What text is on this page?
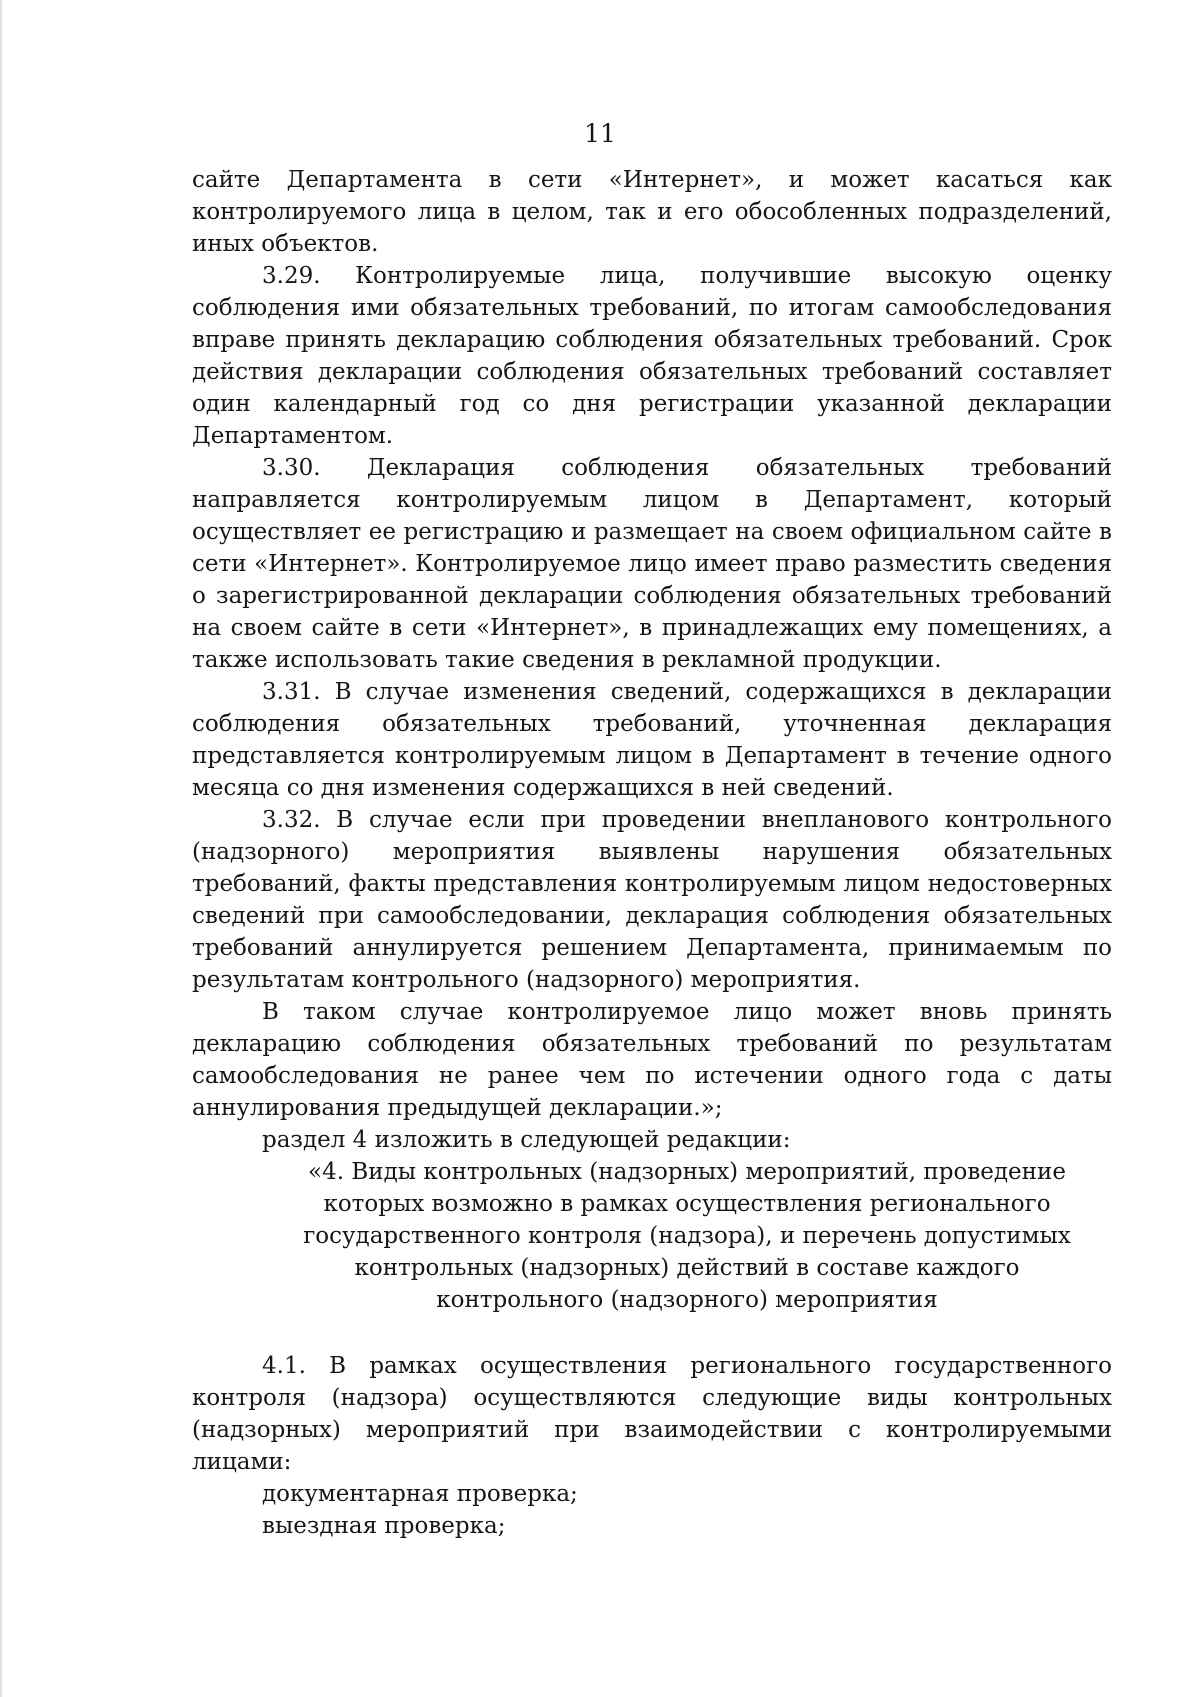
11

сайте Департамента в сети «Интернет», и может касаться как контролируемого лица в целом, так и его обособленных подразделений, иных объектов.

3.29. Контролируемые лица, получившие высокую оценку соблюдения ими обязательных требований, по итогам самообследования вправе принять декларацию соблюдения обязательных требований. Срок действия декларации соблюдения обязательных требований составляет один календарный год со дня регистрации указанной декларации Департаментом.

3.30. Декларация соблюдения обязательных требований направляется контролируемым лицом в Департамент, который осуществляет ее регистрацию и размещает на своем официальном сайте в сети «Интернет». Контролируемое лицо имеет право разместить сведения о зарегистрированной декларации соблюдения обязательных требований на своем сайте в сети «Интернет», в принадлежащих ему помещениях, а также использовать такие сведения в рекламной продукции.

3.31. В случае изменения сведений, содержащихся в декларации соблюдения обязательных требований, уточненная декларация представляется контролируемым лицом в Департамент в течение одного месяца со дня изменения содержащихся в ней сведений.

3.32. В случае если при проведении внепланового контрольного (надзорного) мероприятия выявлены нарушения обязательных требований, факты представления контролируемым лицом недостоверных сведений при самообследовании, декларация соблюдения обязательных требований аннулируется решением Департамента, принимаемым по результатам контрольного (надзорного) мероприятия.

В таком случае контролируемое лицо может вновь принять декларацию соблюдения обязательных требований по результатам самообследования не ранее чем по истечении одного года с даты аннулирования предыдущей декларации.»;

раздел 4 изложить в следующей редакции:

«4. Виды контрольных (надзорных) мероприятий, проведение
которых возможно в рамках осуществления регионального
государственного контроля (надзора), и перечень допустимых
контрольных (надзорных) действий в составе каждого
контрольного (надзорного) мероприятия

4.1. В рамках осуществления регионального государственного контроля (надзора) осуществляются следующие виды контрольных (надзорных) мероприятий при взаимодействии с контролируемыми лицами:

документарная проверка;

выездная проверка;
